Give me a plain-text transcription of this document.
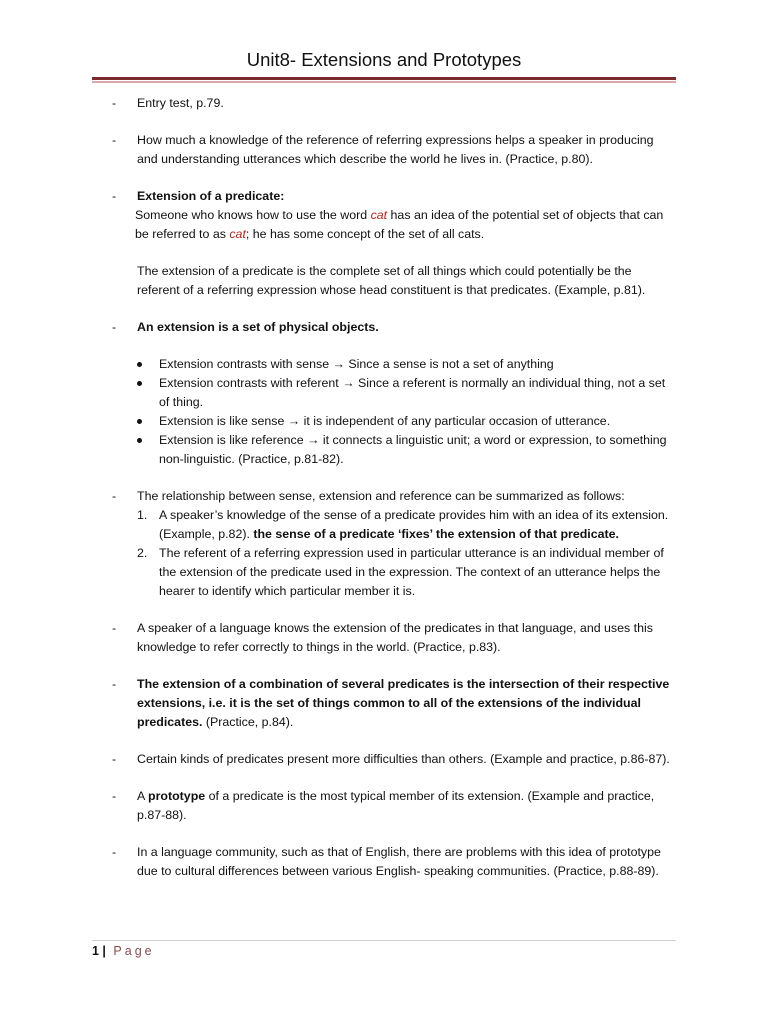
Unit8- Extensions and Prototypes
- Entry test, p.79.
- How much a knowledge of the reference of referring expressions helps a speaker in producing and understanding utterances which describe the world he lives in. (Practice, p.80).
- Extension of a predicate:
Someone who knows how to use the word cat has an idea of the potential set of objects that can be referred to as cat; he has some concept of the set of all cats.
The extension of a predicate is the complete set of all things which could potentially be the referent of a referring expression whose head constituent is that predicates. (Example, p.81).
- An extension is a set of physical objects.
Extension contrasts with sense → Since a sense is not a set of anything
Extension contrasts with referent → Since a referent is normally an individual thing, not a set of thing.
Extension is like sense → it is independent of any particular occasion of utterance.
Extension is like reference → it connects a linguistic unit; a word or expression, to something non-linguistic. (Practice, p.81-82).
- The relationship between sense, extension and reference can be summarized as follows:
1. A speaker’s knowledge of the sense of a predicate provides him with an idea of its extension. (Example, p.82). the sense of a predicate ‘fixes’ the extension of that predicate.
2. The referent of a referring expression used in particular utterance is an individual member of the extension of the predicate used in the expression. The context of an utterance helps the hearer to identify which particular member it is.
- A speaker of a language knows the extension of the predicates in that language, and uses this knowledge to refer correctly to things in the world. (Practice, p.83).
- The extension of a combination of several predicates is the intersection of their respective extensions, i.e. it is the set of things common to all of the extensions of the individual predicates. (Practice, p.84).
- Certain kinds of predicates present more difficulties than others. (Example and practice, p.86-87).
- A prototype of a predicate is the most typical member of its extension. (Example and practice, p.87-88).
- In a language community, such as that of English, there are problems with this idea of prototype due to cultural differences between various English- speaking communities. (Practice, p.88-89).
1 | Page
